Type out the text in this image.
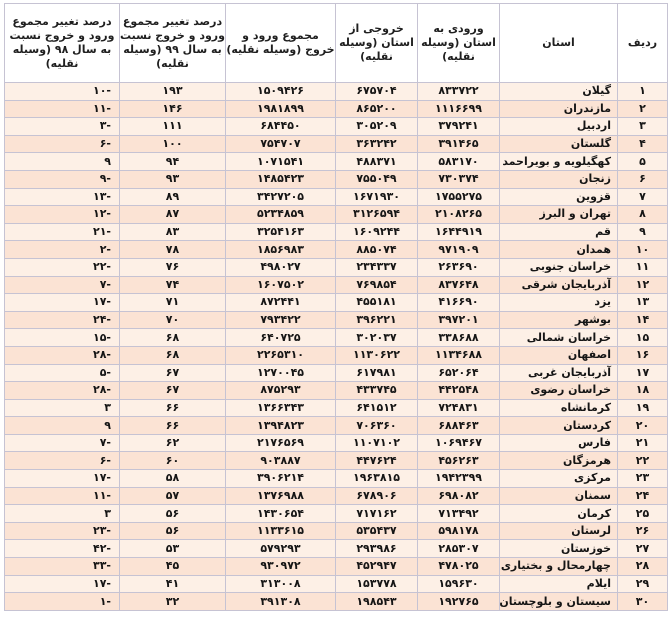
ردیف	استان	ورودی به استان (وسیله نقلیه)	خروجی از استان (وسیله نقلیه)	مجموع ورود و خروج (وسیله نقلیه)	درصد تغییر مجموع ورود و خروج نسبت به سال ۹۹ (وسیله نقلیه)	درصد تغییر مجموع ورود و خروج نسبت به سال ۹۸ (وسیله نقلیه)
۱	گیلان	۸۳۳۷۲۲	۶۷۵۷۰۴	۱۵۰۹۴۲۶	۱۹۳	-۱۰
۲	مازندران	۱۱۱۶۶۹۹	۸۶۵۲۰۰	۱۹۸۱۸۹۹	۱۴۶	-۱۱
۳	اردبیل	۳۷۹۲۴۱	۳۰۵۲۰۹	۶۸۴۴۵۰	۱۱۱	-۳
۴	گلستان	۳۹۱۴۶۵	۳۶۳۲۴۲	۷۵۴۷۰۷	۱۰۰	-۶
۵	کهگیلویه و بویراحمد	۵۸۳۱۷۰	۴۸۸۳۷۱	۱۰۷۱۵۴۱	۹۴	۹
۶	زنجان	۷۳۰۳۷۴	۷۵۵۰۴۹	۱۴۸۵۴۲۳	۹۳	-۹
۷	قزوین	۱۷۵۵۲۷۵	۱۶۷۱۹۳۰	۳۴۲۷۲۰۵	۸۹	-۱۳
۸	تهران و البرز	۲۱۰۸۲۶۵	۳۱۲۶۵۹۴	۵۲۳۴۸۵۹	۸۷	-۱۲
۹	قم	۱۶۴۴۹۱۹	۱۶۰۹۲۴۴	۳۲۵۴۱۶۳	۸۳	-۲۱
۱۰	همدان	۹۷۱۹۰۹	۸۸۵۰۷۴	۱۸۵۶۹۸۳	۷۸	-۲
۱۱	خراسان جنوبی	۲۶۳۶۹۰	۲۳۴۳۳۷	۴۹۸۰۲۷	۷۶	-۲۲
۱۲	آذربایجان شرقی	۸۳۷۶۴۸	۷۶۹۸۵۴	۱۶۰۷۵۰۲	۷۴	-۷
۱۳	یزد	۴۱۶۶۹۰	۴۵۵۱۸۱	۸۷۲۴۴۱	۷۱	-۱۷
۱۴	بوشهر	۳۹۷۲۰۱	۳۹۶۲۲۱	۷۹۳۴۲۲	۷۰	-۲۴
۱۵	خراسان شمالی	۳۳۸۶۸۸	۳۰۲۰۳۷	۶۴۰۷۲۵	۶۸	-۱۵
۱۶	اصفهان	۱۱۳۴۶۸۸	۱۱۳۰۶۲۲	۲۲۶۵۳۱۰	۶۸	-۲۸
۱۷	آذربایجان غربی	۶۵۲۰۶۴	۶۱۷۹۸۱	۱۲۷۰۰۴۵	۶۷	-۵
۱۸	خراسان رضوی	۴۴۲۵۴۸	۴۳۳۷۴۵	۸۷۵۲۹۳	۶۷	-۲۸
۱۹	کرمانشاه	۷۲۴۸۳۱	۶۴۱۵۱۲	۱۳۶۶۳۴۳	۶۶	۳
۲۰	کردستان	۶۸۸۴۶۳	۷۰۶۳۶۰	۱۳۹۴۸۲۳	۶۶	۹
۲۱	فارس	۱۰۶۹۴۶۷	۱۱۰۷۱۰۲	۲۱۷۶۵۶۹	۶۲	-۷
۲۲	هرمزگان	۴۵۶۲۶۳	۴۴۷۶۲۴	۹۰۳۸۸۷	۶۰	-۶
۲۳	مرکزی	۱۹۴۲۳۹۹	۱۹۶۳۸۱۵	۳۹۰۶۲۱۴	۵۸	-۱۷
۲۴	سمنان	۶۹۸۰۸۲	۶۷۸۹۰۶	۱۳۷۶۹۸۸	۵۷	-۱۱
۲۵	کرمان	۷۱۳۴۹۲	۷۱۷۱۶۲	۱۴۳۰۶۵۴	۵۶	۳
۲۶	لرستان	۵۹۸۱۷۸	۵۳۵۴۳۷	۱۱۳۳۶۱۵	۵۶	-۲۳
۲۷	خوزستان	۲۸۵۳۰۷	۲۹۳۹۸۶	۵۷۹۲۹۳	۵۳	-۴۲
۲۸	چهارمحال و بختیاری	۴۷۸۰۲۵	۴۵۲۹۴۷	۹۳۰۹۷۲	۴۵	-۳۳
۲۹	ایلام	۱۵۹۶۳۰	۱۵۳۷۷۸	۳۱۳۰۰۸	۴۱	-۱۷
۳۰	سیستان و بلوچستان	۱۹۲۷۶۵	۱۹۸۵۴۳	۳۹۱۳۰۸	۳۲	-۱
